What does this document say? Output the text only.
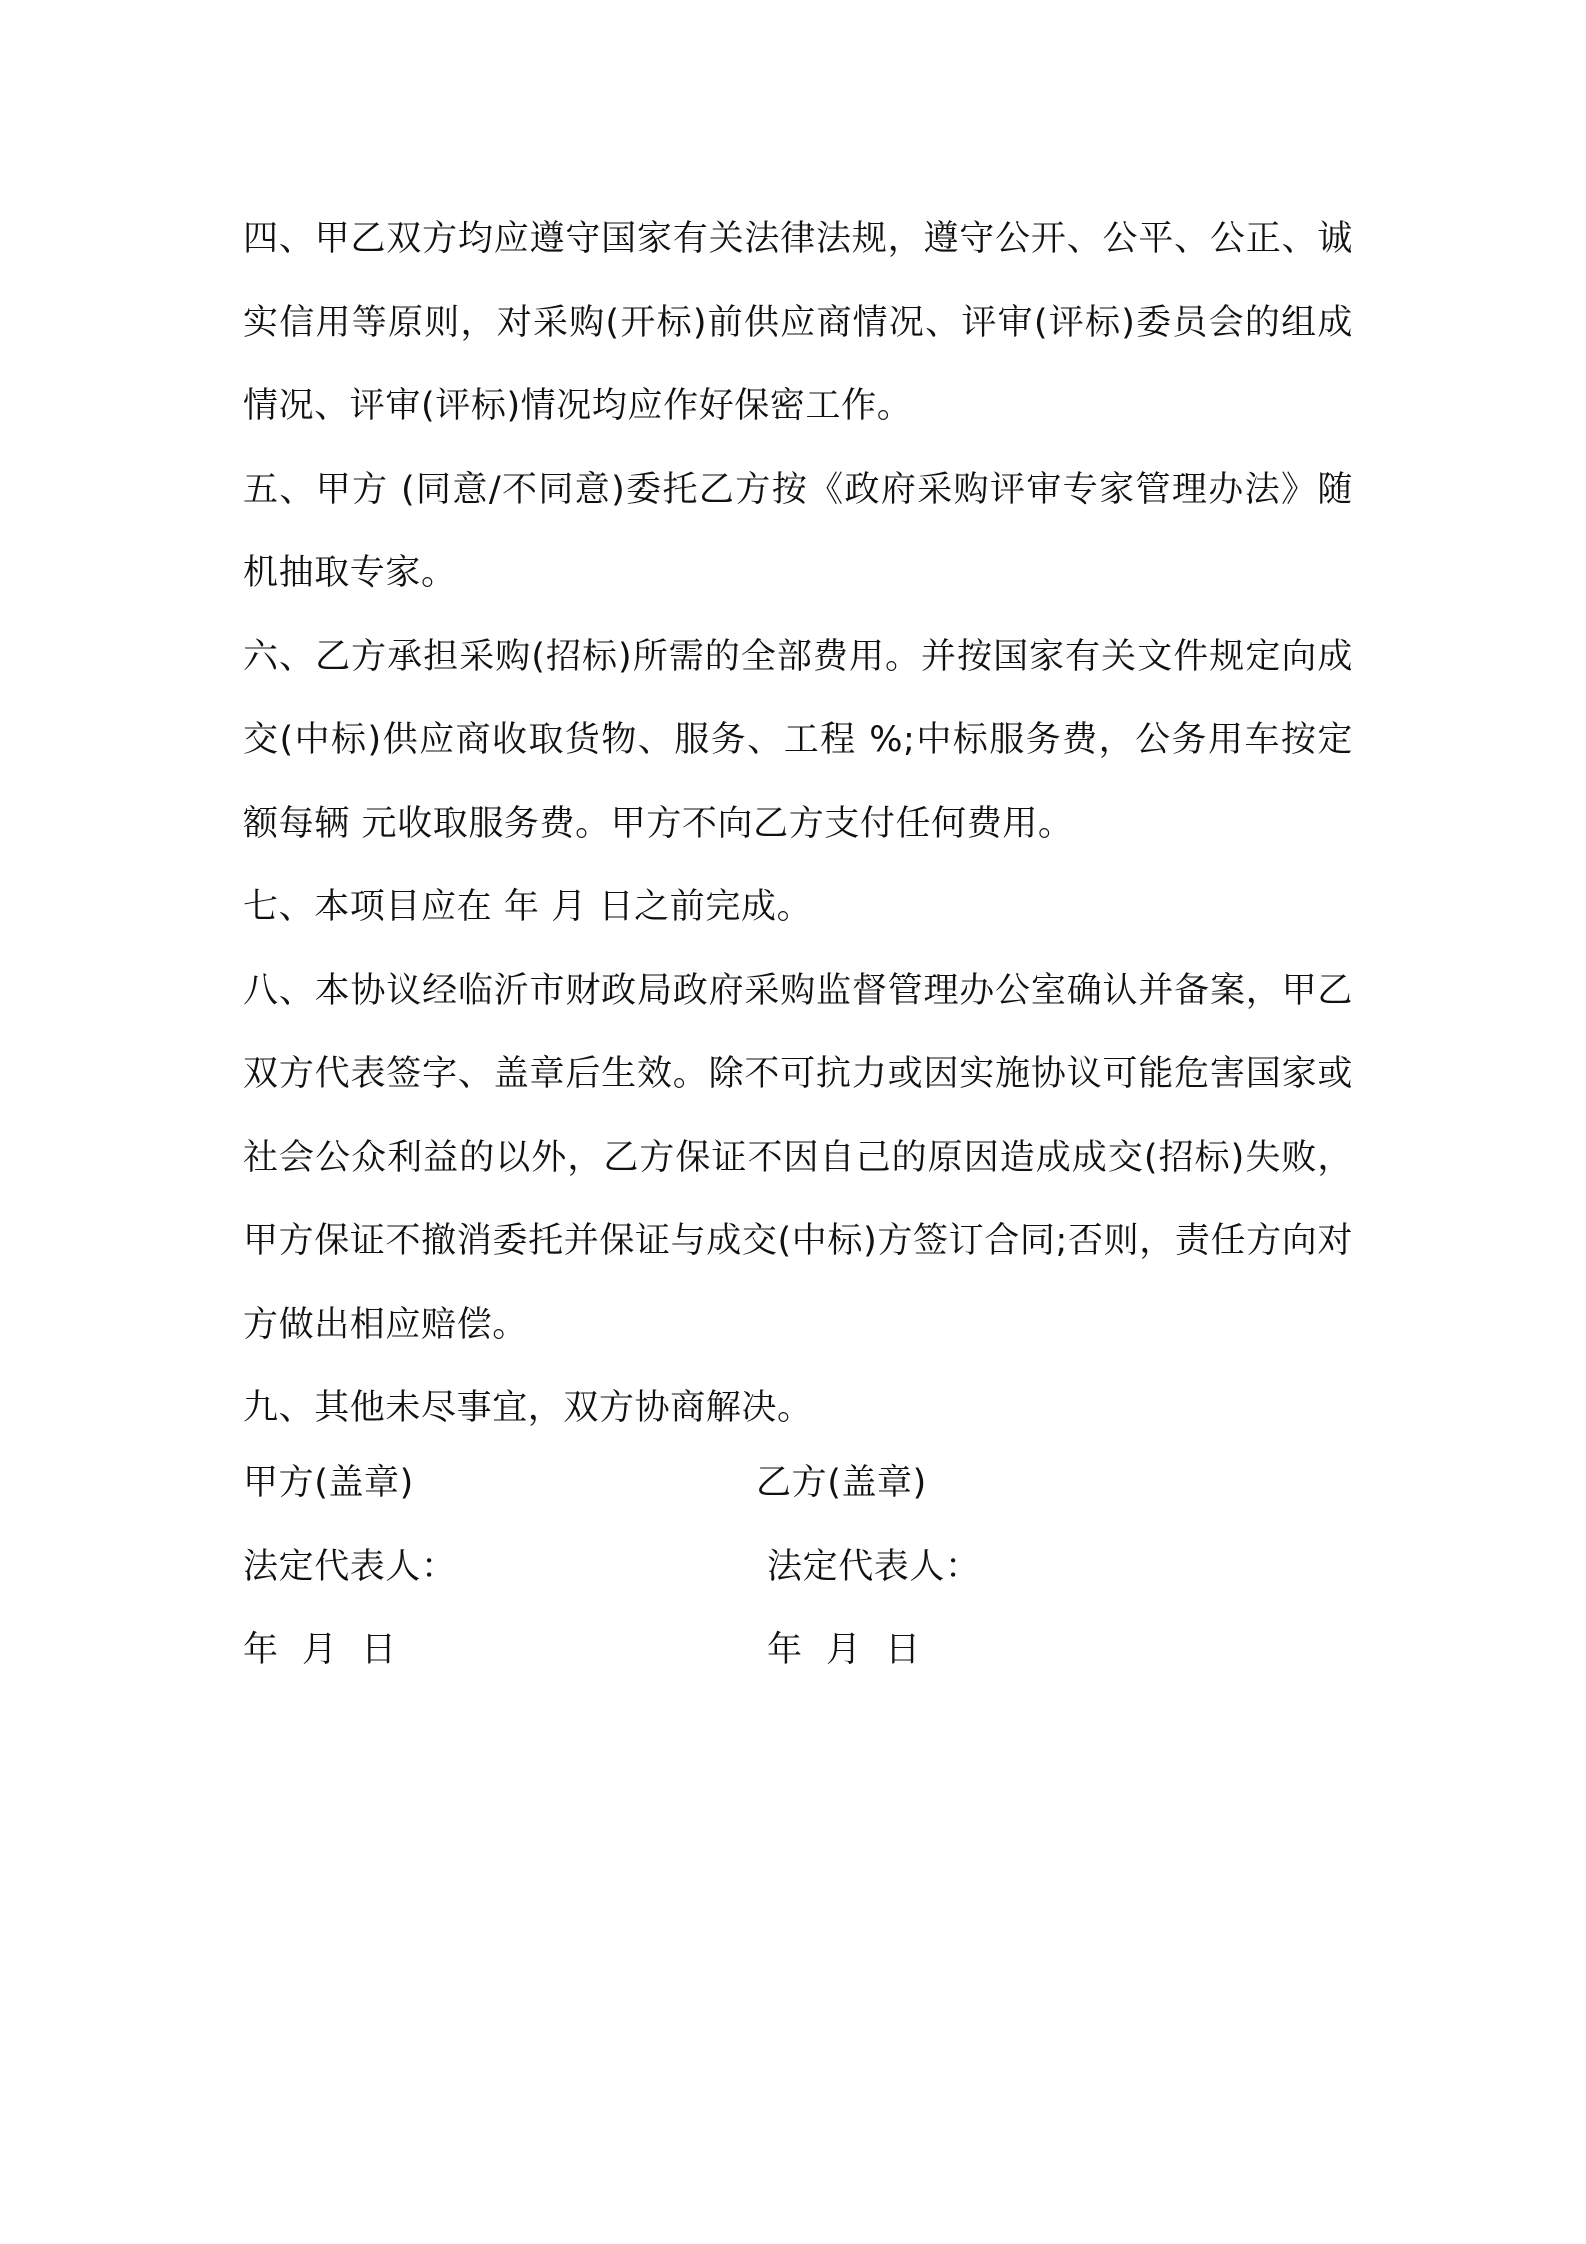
四、甲乙双方均应遵守国家有关法律法规，遵守公开、公平、公正、诚实信用等原则，对采购(开标)前供应商情况、评审(评标)委员会的组成情况、评审(评标)情况均应作好保密工作。

五、甲方 (同意/不同意)委托乙方按《政府采购评审专家管理办法》随机抽取专家。

六、乙方承担采购(招标)所需的全部费用。并按国家有关文件规定向成交(中标)供应商收取货物、服务、工程 %;中标服务费，公务用车按定额每辆 元收取服务费。甲方不向乙方支付任何费用。

七、本项目应在 年 月 日之前完成。

八、本协议经临沂市财政局政府采购监督管理办公室确认并备案，甲乙双方代表签字、盖章后生效。除不可抗力或因实施协议可能危害国家或社会公众利益的以外，乙方保证不因自己的原因造成成交(招标)失败，甲方保证不撤消委托并保证与成交(中标)方签订合同;否则，责任方向对方做出相应赔偿。

九、其他未尽事宜，双方协商解决。

甲方(盖章)	乙方(盖章)
法定代表人：	法定代表人：
年  月  日	年  月  日
